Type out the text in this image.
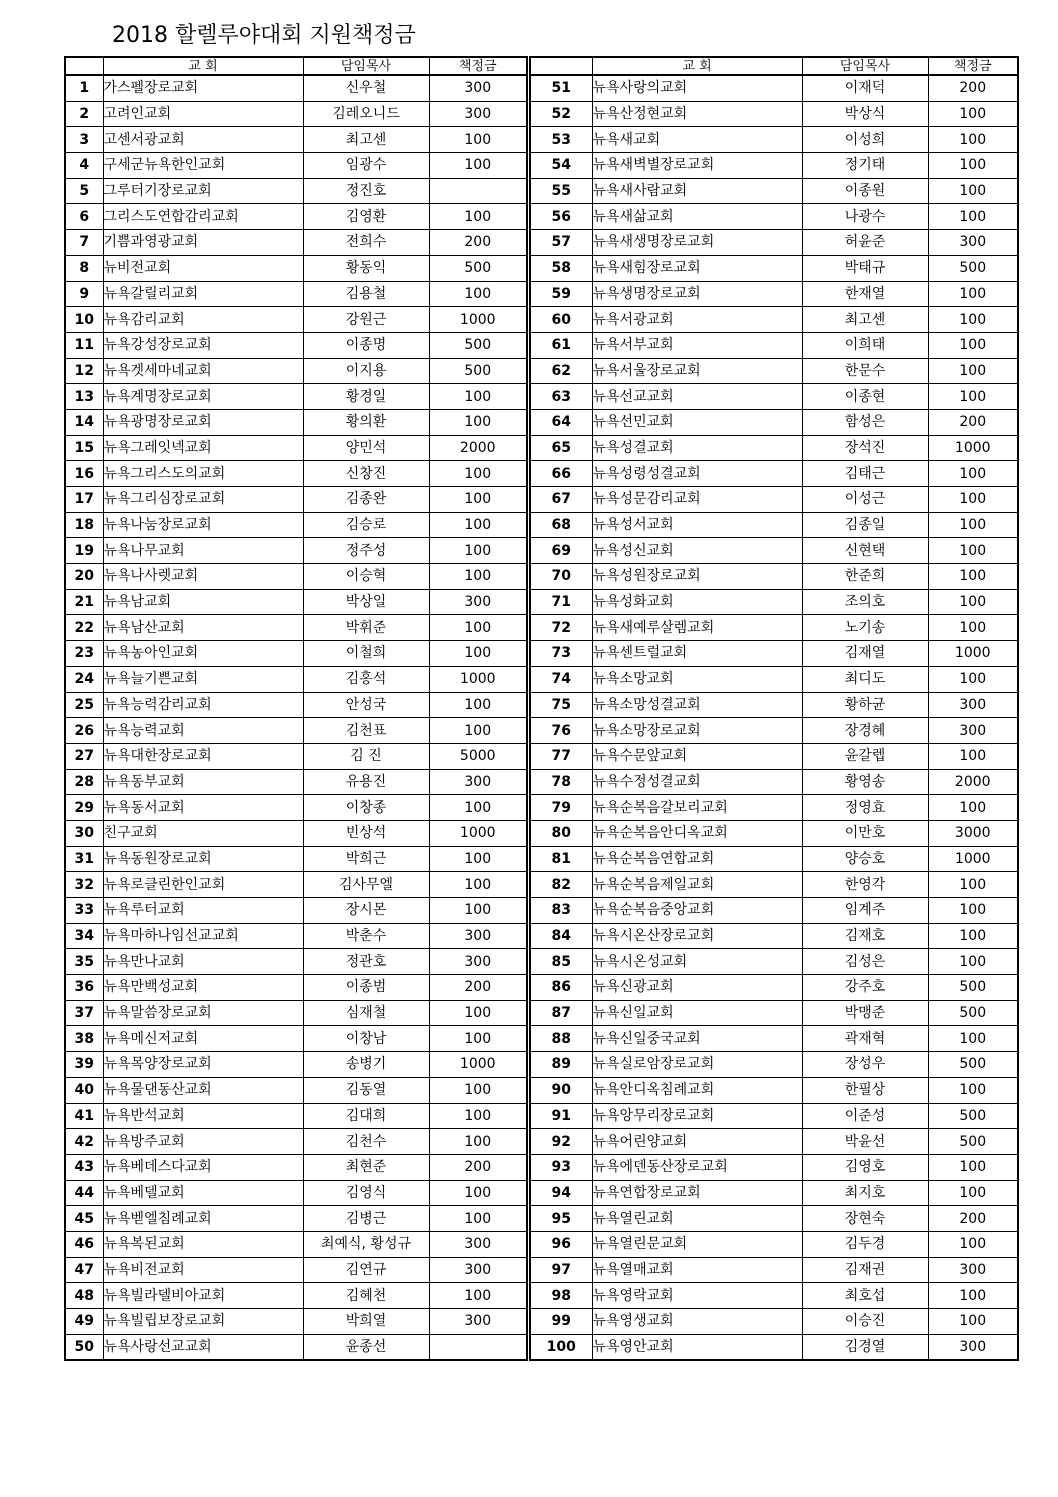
2018 할렐루야대회 지원책정금
	교 회	담임목사	책정금
1	가스펠장로교회	신우철	300
2	고려인교회	김레오니드	300
3	고센서광교회	최고센	100
4	구세군뉴욕한인교회	임광수	100
5	그루터기장로교회	정진호	
6	그리스도연합감리교회	김영환	100
7	기쁨과영광교회	전희수	200
8	뉴비전교회	황동익	500
9	뉴욕갈릴리교회	김용철	100
10	뉴욕감리교회	강원근	1000
11	뉴욕강성장로교회	이종명	500
12	뉴욕겟세마네교회	이지용	500
13	뉴욕계명장로교회	황경일	100
14	뉴욕광명장로교회	황의환	100
15	뉴욕그레잇넥교회	양민석	2000
16	뉴욕그리스도의교회	신창진	100
17	뉴욕그리심장로교회	김종완	100
18	뉴욕나눔장로교회	김승로	100
19	뉴욕나무교회	정주성	100
20	뉴욕나사렛교회	이승혁	100
21	뉴욕남교회	박상일	300
22	뉴욕남산교회	박휘준	100
23	뉴욕농아인교회	이철희	100
24	뉴욕늘기쁜교회	김홍석	1000
25	뉴욕능력감리교회	안성국	100
26	뉴욕능력교회	김천표	100
27	뉴욕대한장로교회	김 진	5000
28	뉴욕동부교회	유용진	300
29	뉴욕동서교회	이창종	100
30	친구교회	빈상석	1000
31	뉴욕동원장로교회	박희근	100
32	뉴욕로클린한인교회	김사무엘	100
33	뉴욕루터교회	장시몬	100
34	뉴욕마하나임선교교회	박춘수	300
35	뉴욕만나교회	정관호	300
36	뉴욕만백성교회	이종범	200
37	뉴욕말씀장로교회	심재철	100
38	뉴욕메신저교회	이창남	100
39	뉴욕목양장로교회	송병기	1000
40	뉴욕물댄동산교회	김동열	100
41	뉴욕반석교회	김대희	100
42	뉴욕방주교회	김천수	100
43	뉴욕베데스다교회	최현준	200
44	뉴욕베델교회	김영식	100
45	뉴욕벧엘침례교회	김병근	100
46	뉴욕복된교회	최예식, 황성규	300
47	뉴욕비전교회	김연규	300
48	뉴욕빌라델비아교회	김혜천	100
49	뉴욕빌립보장로교회	박희열	300
50	뉴욕사랑선교교회	윤종선	
	교 회	담임목사	책정금
51	뉴욕사랑의교회	이재덕	200
52	뉴욕산정현교회	박상식	100
53	뉴욕새교회	이성희	100
54	뉴욕새벽별장로교회	정기태	100
55	뉴욕새사람교회	이종원	100
56	뉴욕새삶교회	나광수	100
57	뉴욕새생명장로교회	허윤준	300
58	뉴욕새힘장로교회	박태규	500
59	뉴욕생명장로교회	한재열	100
60	뉴욕서광교회	최고센	100
61	뉴욕서부교회	이희태	100
62	뉴욕서울장로교회	한문수	100
63	뉴욕선교교회	이종현	100
64	뉴욕선민교회	함성은	200
65	뉴욕성결교회	장석진	1000
66	뉴욕성령성결교회	김태근	100
67	뉴욕성문감리교회	이성근	100
68	뉴욕성서교회	김종일	100
69	뉴욕성신교회	신현택	100
70	뉴욕성원장로교회	한준희	100
71	뉴욕성화교회	조의호	100
72	뉴욕새예루살렘교회	노기송	100
73	뉴욕센트럴교회	김재열	1000
74	뉴욕소망교회	최디도	100
75	뉴욕소망성결교회	황하균	300
76	뉴욕소망장로교회	장경혜	300
77	뉴욕수문앞교회	윤갈렙	100
78	뉴욕수정성결교회	황영송	2000
79	뉴욕순복음갈보리교회	정영효	100
80	뉴욕순복음안디옥교회	이만호	3000
81	뉴욕순복음연합교회	양승호	1000
82	뉴욕순복음제일교회	한영각	100
83	뉴욕순복음중앙교회	임계주	100
84	뉴욕시온산장로교회	김재호	100
85	뉴욕시온성교회	김성은	100
86	뉴욕신광교회	강주호	500
87	뉴욕신일교회	박맹준	500
88	뉴욕신일중국교회	곽재혁	100
89	뉴욕실로암장로교회	장성우	500
90	뉴욕안디옥침례교회	한필상	100
91	뉴욕앙무리장로교회	이준성	500
92	뉴욕어린양교회	박윤선	500
93	뉴욕에덴동산장로교회	김영호	100
94	뉴욕연합장로교회	최지호	100
95	뉴욕열린교회	장현숙	200
96	뉴욕열린문교회	김두경	100
97	뉴욕열매교회	김재권	300
98	뉴욕영락교회	최호섭	100
99	뉴욕영생교회	이승진	100
100	뉴욕영안교회	김경열	300
